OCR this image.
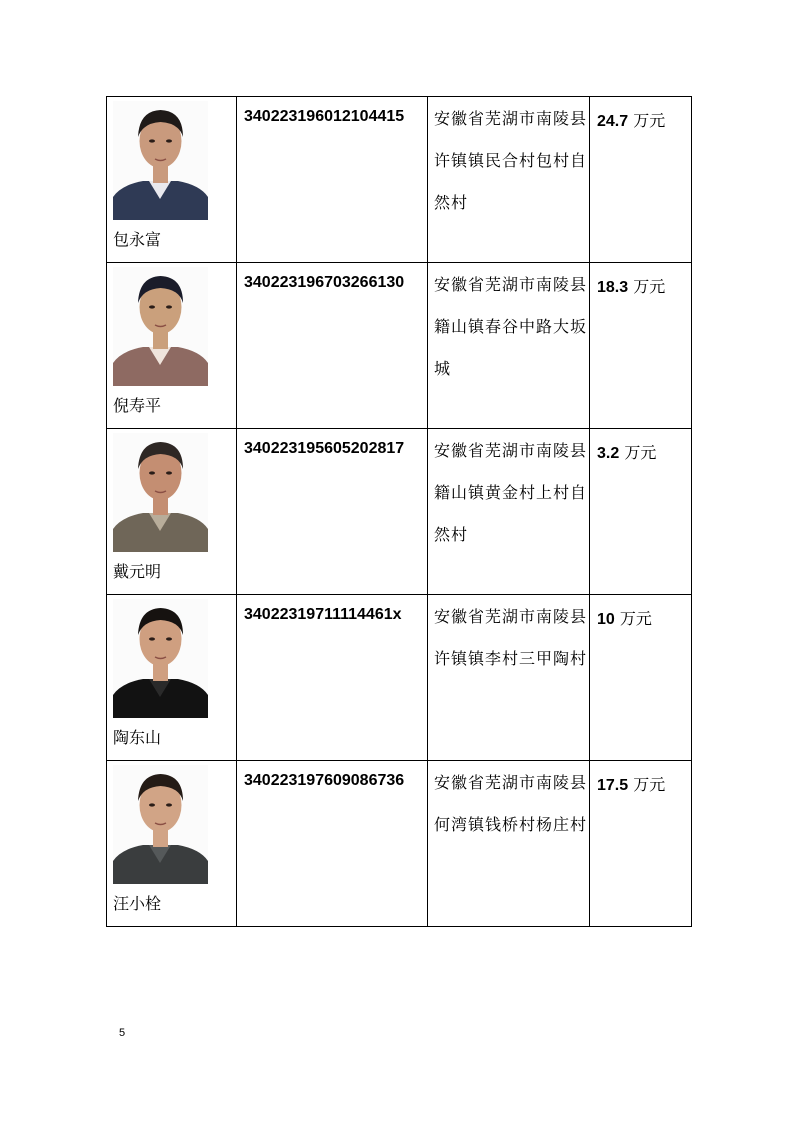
包永富	340223196012104415	安徽省芜湖市南陵县许镇镇民合村包村自然村	24.7 万元

倪寿平	340223196703266130	安徽省芜湖市南陵县籍山镇春谷中路大坂城	18.3 万元

戴元明	340223195605202817	安徽省芜湖市南陵县籍山镇黄金村上村自然村	3.2 万元

陶东山	34022319711114461x	安徽省芜湖市南陵县许镇镇李村三甲陶村	10 万元

汪小栓	340223197609086736	安徽省芜湖市南陵县何湾镇钱桥村杨庄村	17.5 万元
5
